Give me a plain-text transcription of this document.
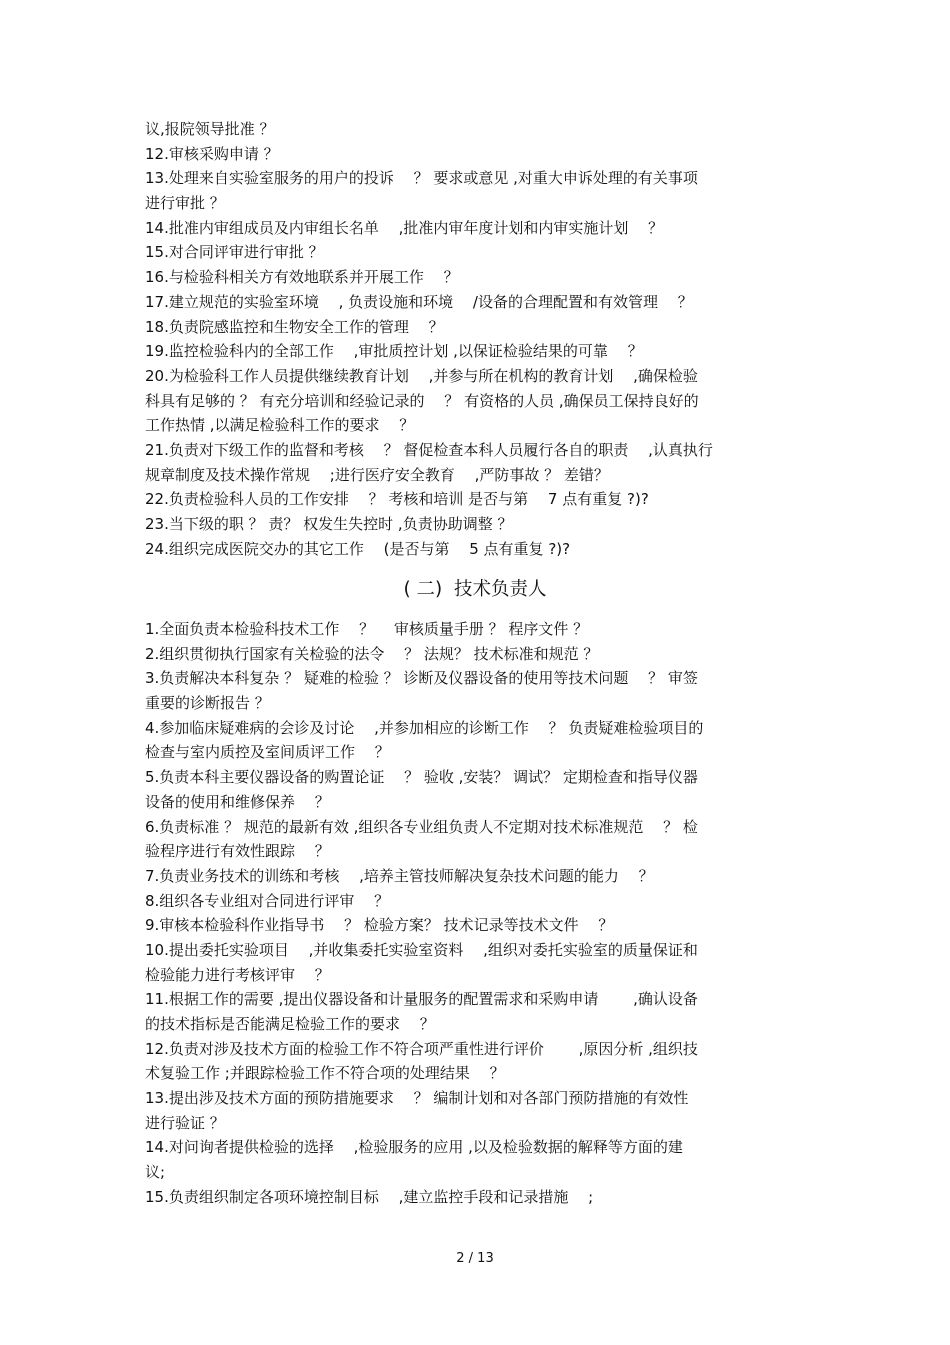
议,报院领导批准 ？
12.审核采购申请 ？
13.处理来自实验室服务的用户的投诉 　？ 要求或意见 ,对重大申诉处理的有关事项
进行审批 ？
14.批准内审组成员及内审组长名单 　,批准内审年度计划和内审实施计划 　？
15.对合同评审进行审批 ？
16.与检验科相关方有效地联系并开展工作 　？
17.建立规范的实验室环境 　, 负责设施和环境 　/设备的合理配置和有效管理 　？
18.负责院感监控和生物安全工作的管理 　？
19.监控检验科内的全部工作 　,审批质控计划 ,以保证检验结果的可靠 　？
20.为检验科工作人员提供继续教育计划 　,并参与所在机构的教育计划 　,确保检验
科具有足够的 ？ 有充分培训和经验记录的 　？ 有资格的人员 ,确保员工保持良好的
工作热情 ,以满足检验科工作的要求 　？
21.负责对下级工作的监督和考核 　？ 督促检查本科人员履行各自的职责 　,认真执行
规章制度及技术操作常规 　;进行医疗安全教育 　,严防事故 ？ 差错？
22.负责检验科人员的工作安排 　？ 考核和培训 是否与第 　7 点有重复 ?)?
23.当下级的职 ？ 责？ 权发生失控时 ,负责协助调整 ？
24.组织完成医院交办的其它工作 　(是否与第 　5 点有重复 ?)?
( 二)  技术负责人
1.全面负责本检验科技术工作 　？ 　审核质量手册 ？ 程序文件 ？
2.组织贯彻执行国家有关检验的法令 　？ 法规？ 技术标准和规范 ？
3.负责解决本科复杂 ？ 疑难的检验 ？ 诊断及仪器设备的使用等技术问题 　？ 审签
重要的诊断报告 ？
4.参加临床疑难病的会诊及讨论 　,并参加相应的诊断工作 　？ 负责疑难检验项目的
检查与室内质控及室间质评工作 　？
5.负责本科主要仪器设备的购置论证 　？ 验收 ,安装？ 调试？ 定期检查和指导仪器
设备的使用和维修保养 　？
6.负责标准 ？ 规范的最新有效 ,组织各专业组负责人不定期对技术标准规范 　？ 检
验程序进行有效性跟踪 　？
7.负责业务技术的训练和考核 　,培养主管技师解决复杂技术问题的能力 　？
8.组织各专业组对合同进行评审 　？
9.审核本检验科作业指导书 　？ 检验方案？ 技术记录等技术文件 　？
10.提出委托实验项目 　,并收集委托实验室资料 　,组织对委托实验室的质量保证和
检验能力进行考核评审 　？
11.根据工作的需要 ,提出仪器设备和计量服务的配置需求和采购申请 　　,确认设备
的技术指标是否能满足检验工作的要求 　？
12.负责对涉及技术方面的检验工作不符合项严重性进行评价 　　,原因分析 ,组织技
术复验工作 ;并跟踪检验工作不符合项的处理结果 　？
13.提出涉及技术方面的预防措施要求 　？ 编制计划和对各部门预防措施的有效性
进行验证 ？
14.对问询者提供检验的选择 　,检验服务的应用 ,以及检验数据的解释等方面的建
议;
15.负责组织制定各项环境控制目标 　,建立监控手段和记录措施 　;
2 / 13
